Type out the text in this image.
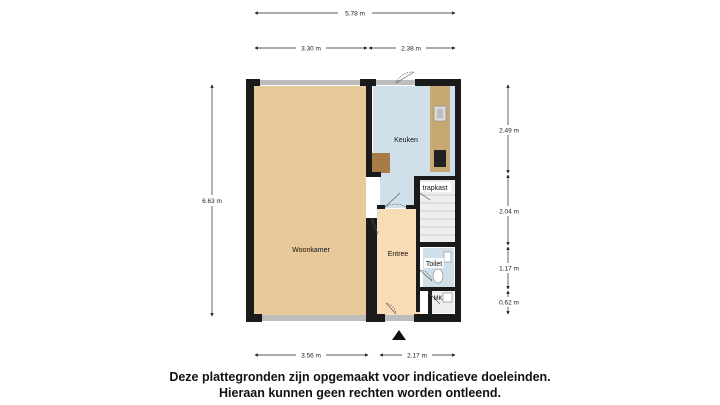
5.78 m
3.30 m	2.38 m
6.63 m
2.49 m
2.04 m
1.17 m
0.62 m
3.56 m	2.17 m
Woonkamer
Keuken
trapkast
Entree
Toilet
MK
Deze plattegronden zijn opgemaakt voor indicatieve doeleinden.
Hieraan kunnen geen rechten worden ontleend.
